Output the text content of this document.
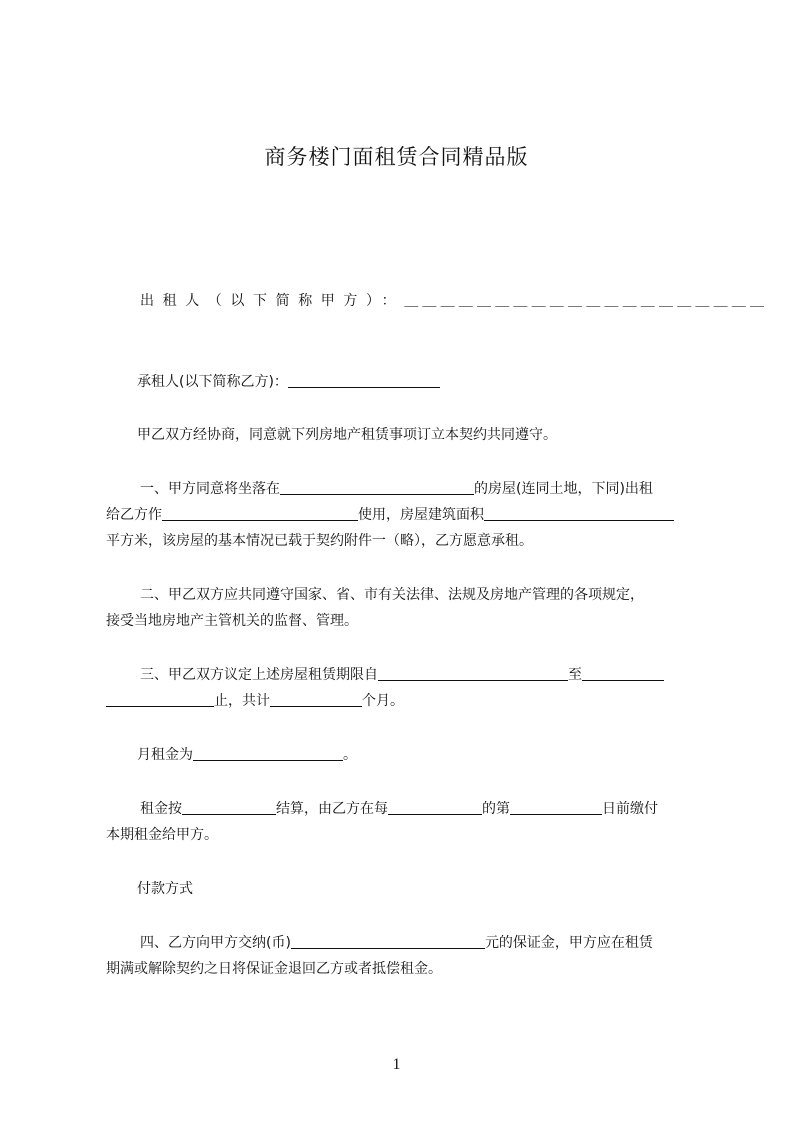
商务楼门面租赁合同精品版
出租人（以下简称甲方）：＿＿＿＿＿＿＿＿＿＿＿＿＿＿＿＿＿＿＿＿
承租人(以下简称乙方)：
甲乙双方经协商，同意就下列房地产租赁事项订立本契约共同遵守。
一、甲方同意将坐落在	的房屋(连同土地，下同)出租
给乙方作	使用，房屋建筑面积
平方米，该房屋的基本情况已载于契约附件一（略），乙方愿意承租。
二、甲乙双方应共同遵守国家、省、市有关法律、法规及房地产管理的各项规定，
接受当地房地产主管机关的监督、管理。
三、甲乙双方议定上述房屋租赁期限自	至
止，共计	个月。
月租金为	。
租金按	结算，由乙方在每	的第	日前缴付
本期租金给甲方。
付款方式
四、乙方向甲方交纳(币)	元的保证金，甲方应在租赁
期满或解除契约之日将保证金退回乙方或者抵偿租金。
1
